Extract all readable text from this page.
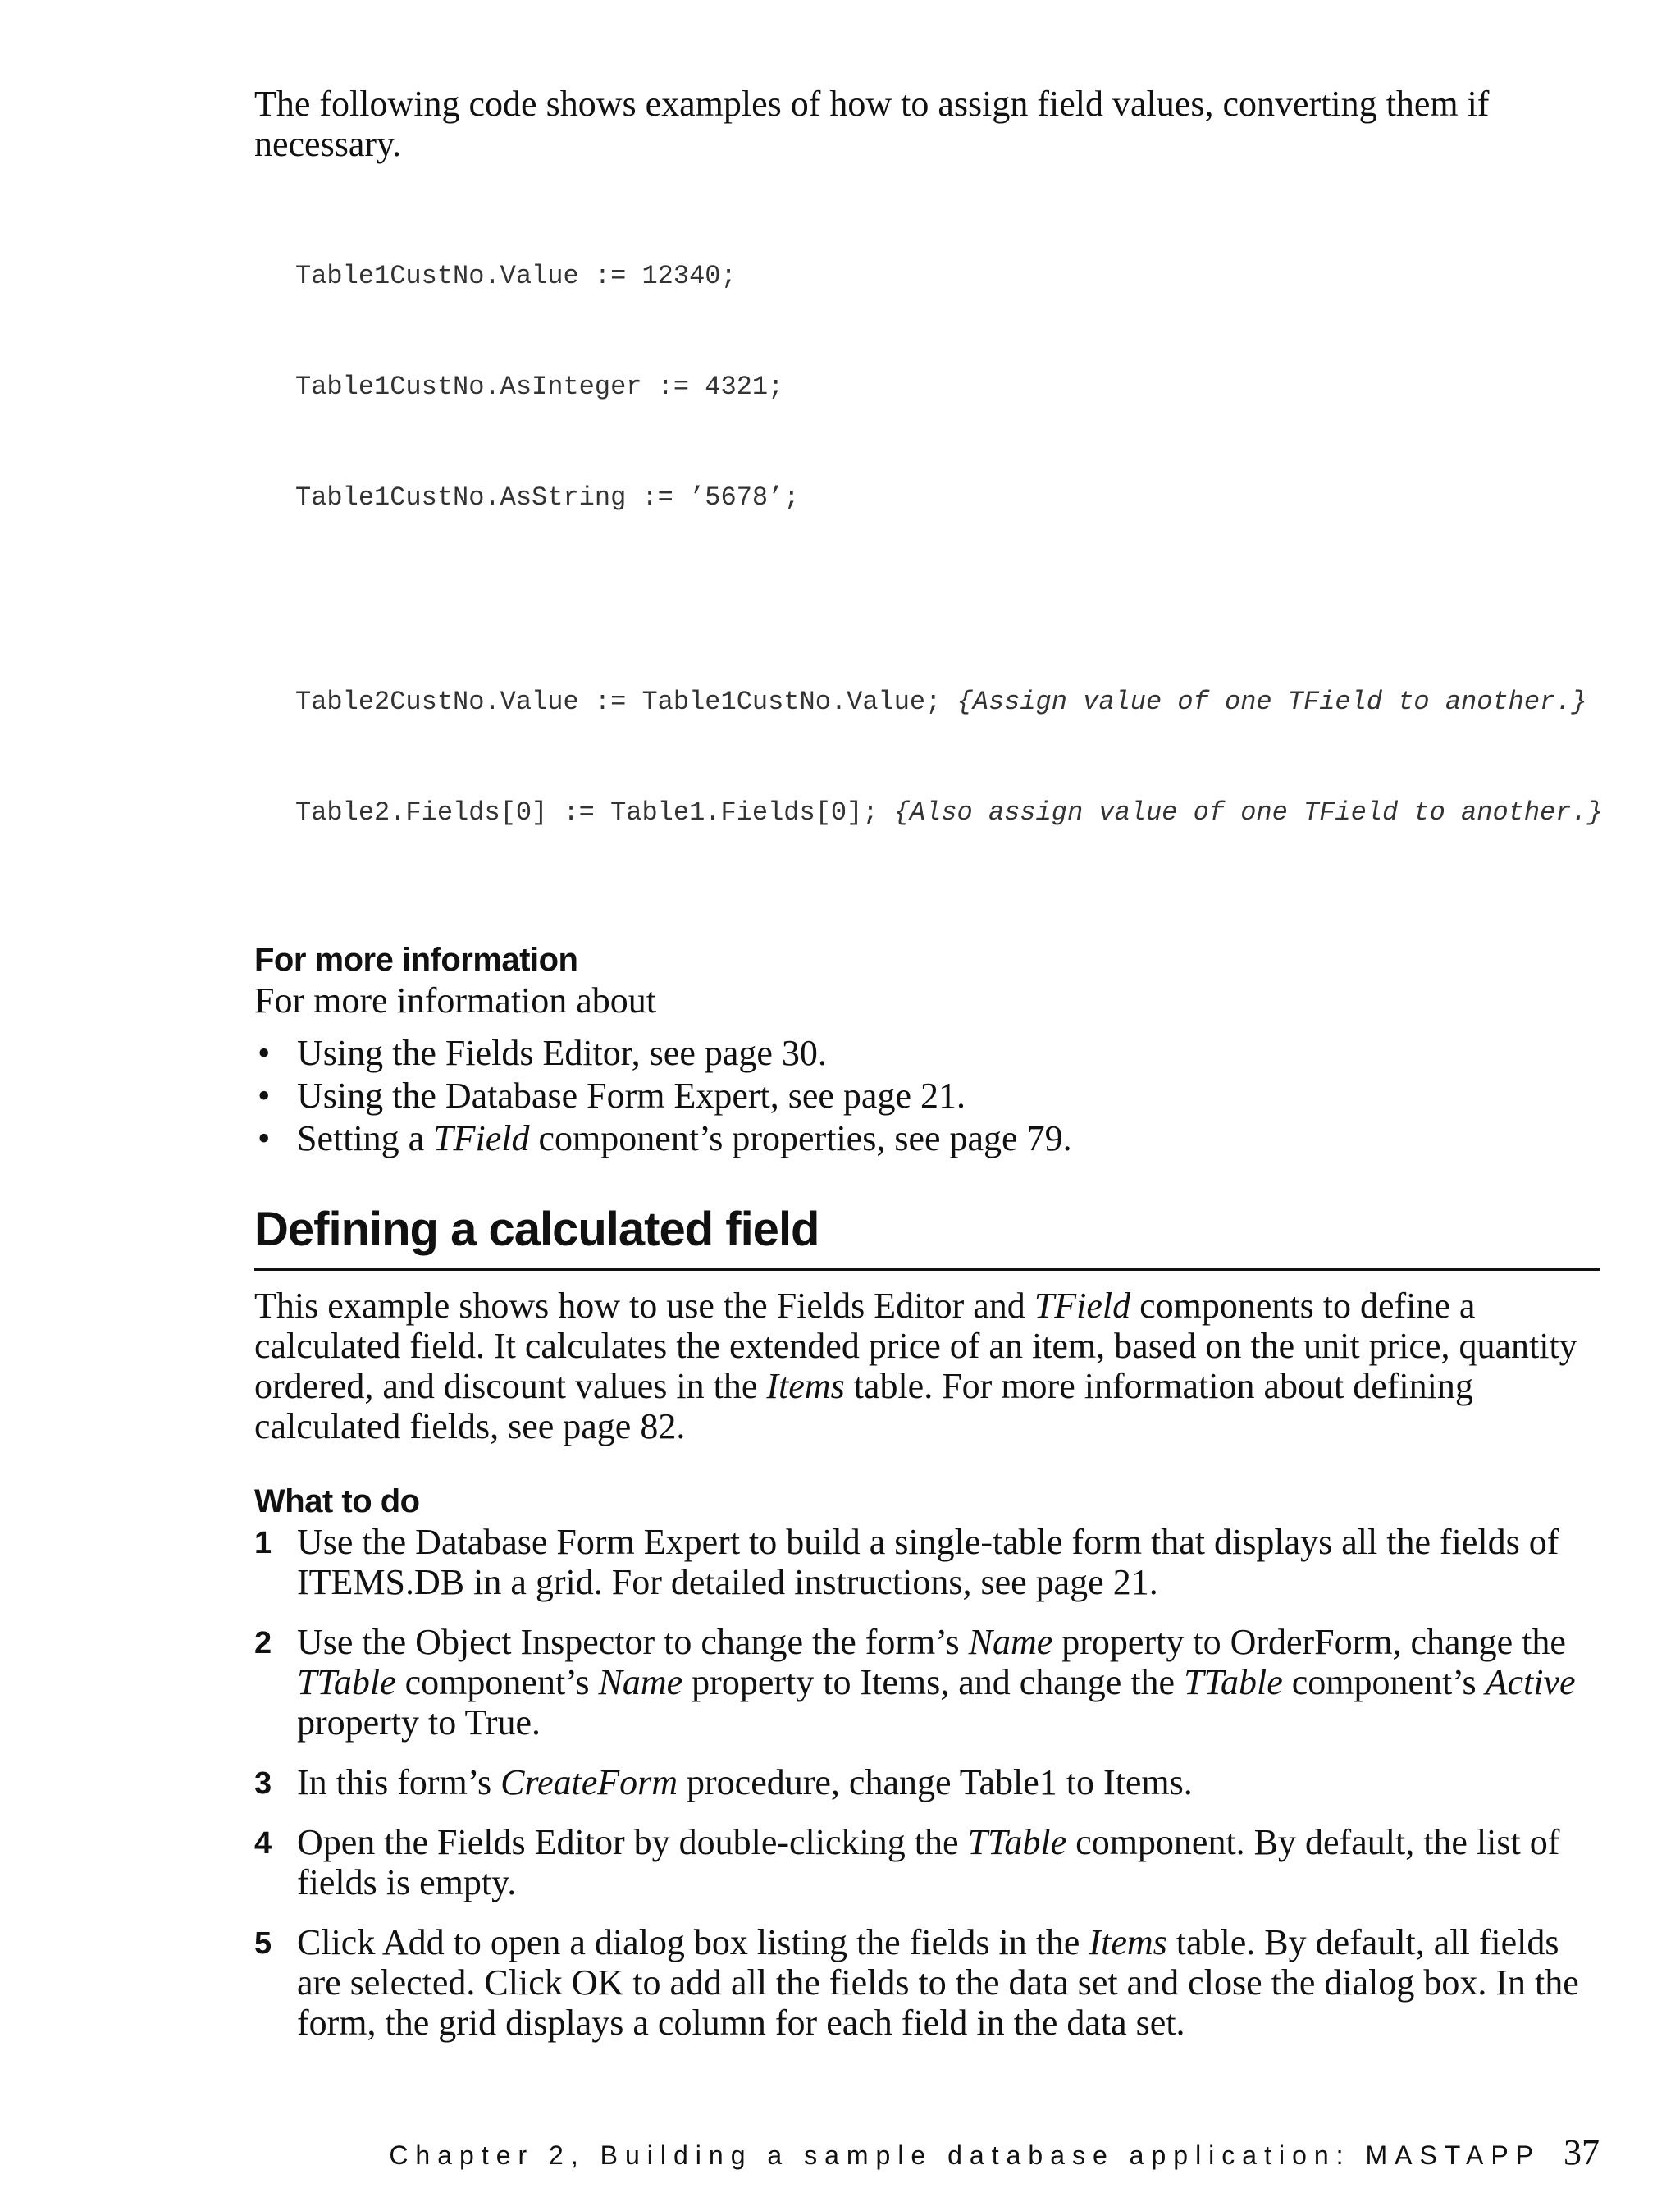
The following code shows examples of how to assign field values, converting them if necessary.

Table1CustNo.Value := 12340;

Table1CustNo.AsInteger := 4321;

Table1CustNo.AsString := ’5678’;

Table2CustNo.Value := Table1CustNo.Value; {Assign value of one TField to another.}

Table2.Fields[0] := Table1.Fields[0]; {Also assign value of one TField to another.}

For more information

For more information about

• Using the Fields Editor, see page 30.
• Using the Database Form Expert, see page 21.
• Setting a TField component’s properties, see page 79.
Defining a calculated field

This example shows how to use the Fields Editor and TField components to define a calculated field. It calculates the extended price of an item, based on the unit price, quantity ordered, and discount values in the Items table. For more information about defining calculated fields, see page 82.

What to do
1 Use the Database Form Expert to build a single-table form that displays all the fields of ITEMS.DB in a grid. For detailed instructions, see page 21.
2 Use the Object Inspector to change the form’s Name property to OrderForm, change the TTable component’s Name property to Items, and change the TTable component’s Active property to True.
3 In this form’s CreateForm procedure, change Table1 to Items.
4 Open the Fields Editor by double-clicking the TTable component. By default, the list of fields is empty.
5 Click Add to open a dialog box listing the fields in the Items table. By default, all fields are selected. Click OK to add all the fields to the data set and close the dialog box. In the form, the grid displays a column for each field in the data set.
Chapter 2, Building a sample database application: MASTAPP 37
